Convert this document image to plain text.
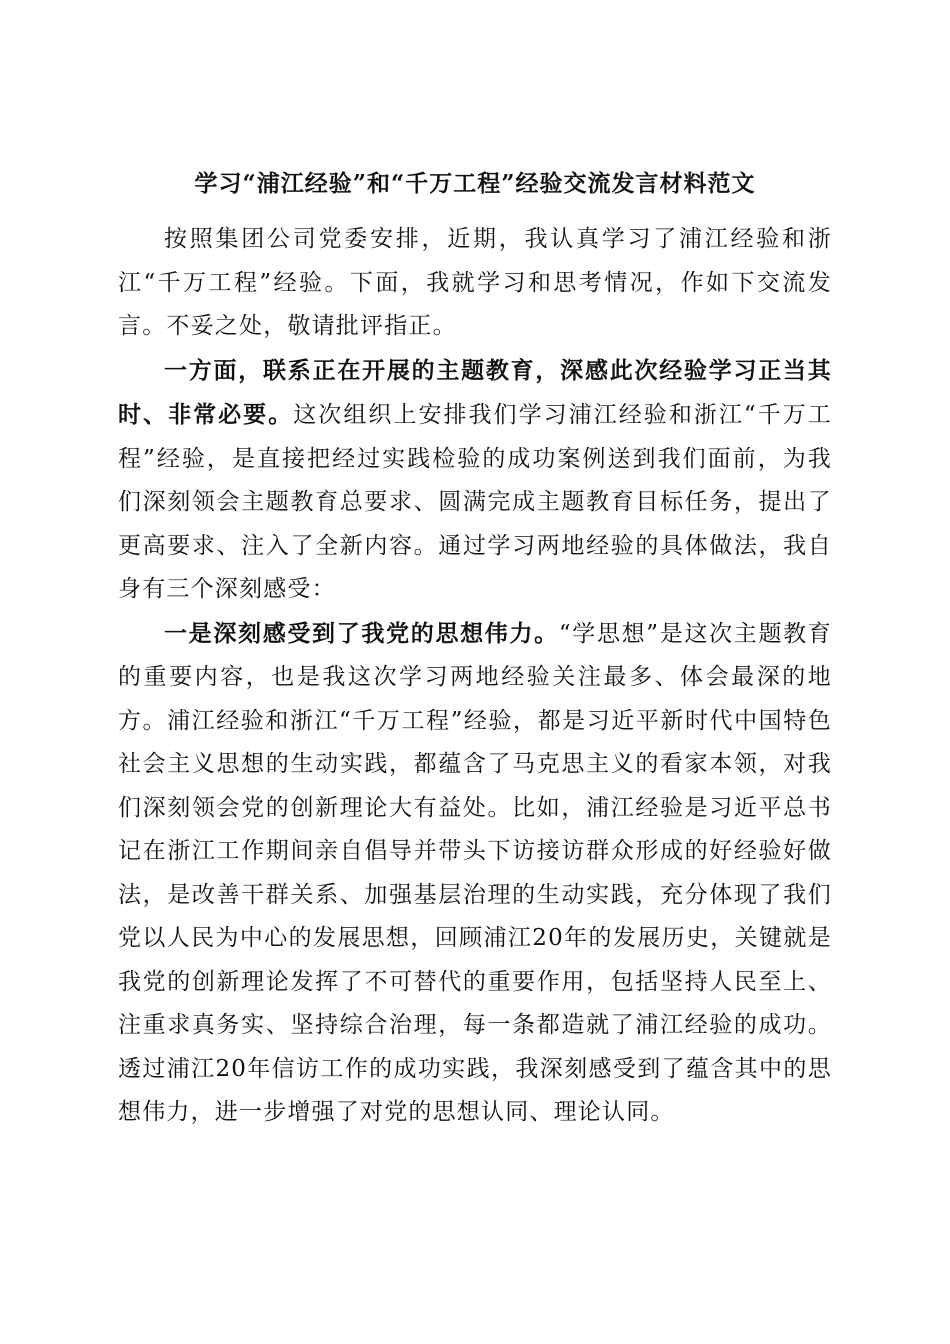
学习“浦江经验”和“千万工程”经验交流发言材料范文

按照集团公司党委安排，近期，我认真学习了浦江经验和浙江“千万工程”经验。下面，我就学习和思考情况，作如下交流发言。不妥之处，敬请批评指正。

一方面，联系正在开展的主题教育，深感此次经验学习正当其时、非常必要。这次组织上安排我们学习浦江经验和浙江“千万工程”经验，是直接把经过实践检验的成功案例送到我们面前，为我们深刻领会主题教育总要求、圆满完成主题教育目标任务，提出了更高要求、注入了全新内容。通过学习两地经验的具体做法，我自身有三个深刻感受：

一是深刻感受到了我党的思想伟力。“学思想”是这次主题教育的重要内容，也是我这次学习两地经验关注最多、体会最深的地方。浦江经验和浙江“千万工程”经验，都是习近平新时代中国特色社会主义思想的生动实践，都蕴含了马克思主义的看家本领，对我们深刻领会党的创新理论大有益处。比如，浦江经验是习近平总书记在浙江工作期间亲自倡导并带头下访接访群众形成的好经验好做法，是改善干群关系、加强基层治理的生动实践，充分体现了我们党以人民为中心的发展思想，回顾浦江20年的发展历史，关键就是我党的创新理论发挥了不可替代的重要作用，包括坚持人民至上、注重求真务实、坚持综合治理，每一条都造就了浦江经验的成功。透过浦江20年信访工作的成功实践，我深刻感受到了蕴含其中的思想伟力，进一步增强了对党的思想认同、理论认同。
